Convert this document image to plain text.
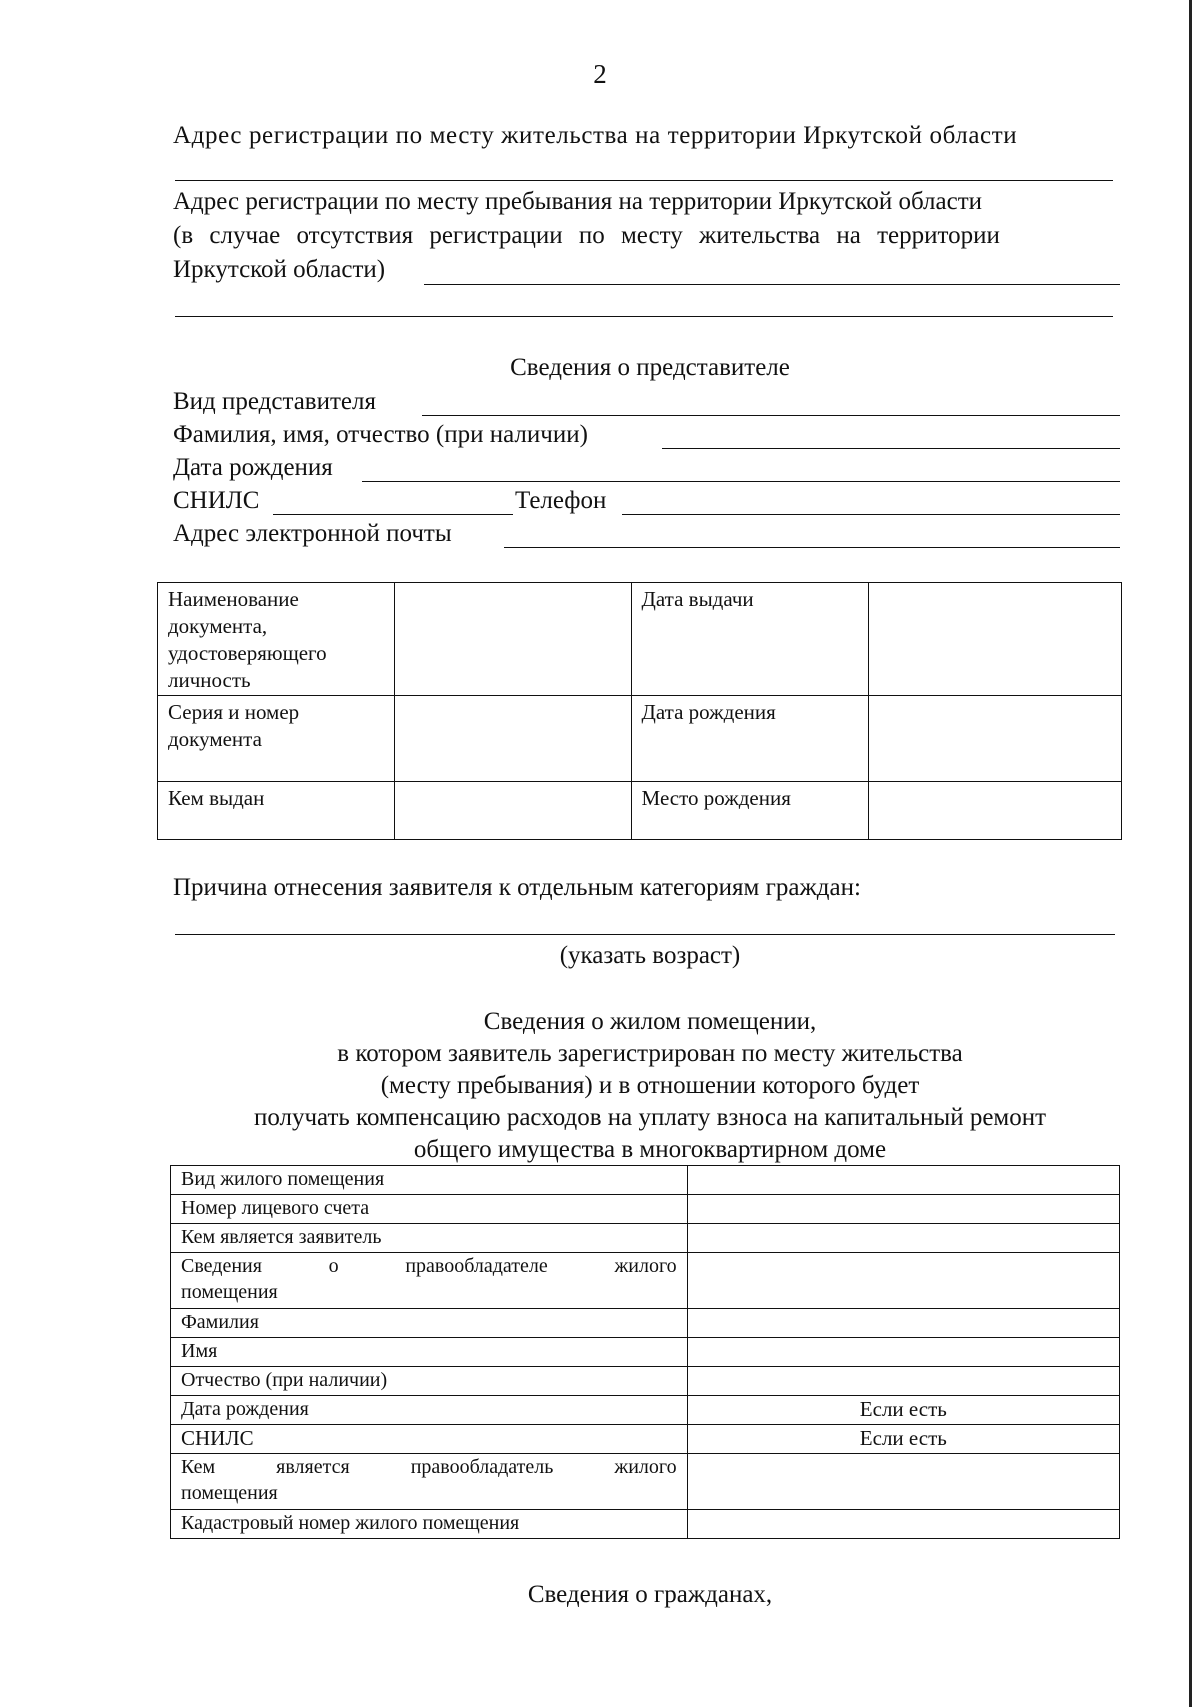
2
Адрес регистрации по месту жительства на территории Иркутской области
Адрес регистрации по месту пребывания на территории Иркутской области
(в случае отсутствия регистрации по месту жительства на территории
Иркутской области)
Сведения о представителе
Вид представителя
Фамилия, имя, отчество (при наличии)
Дата рождения
СНИЛС	Телефон
Адрес электронной почты
Наименование
документа,
удостоверяющего
личность		Дата выдачи	

Серия и номер
документа		Дата рождения	

Кем выдан		Место рождения	

Причина отнесения заявителя к отдельным категориям граждан:
(указать возраст)
Сведения о жилом помещении,
в котором заявитель зарегистрирован по месту жительства
(месту пребывания) и в отношении которого будет
получать компенсацию расходов на уплату взноса на капитальный ремонт
общего имущества в многоквартирном доме
Вид жилого помещения	

Номер лицевого счета	

Кем является заявитель	

Сведения о правообладателе жилого
помещения	

Фамилия	

Имя	

Отчество (при наличии)	

Дата рождения	Если есть

СНИЛС	Если есть

Кем является правообладатель жилого
помещения	

Кадастровый номер жилого помещения	

Сведения о гражданах,
